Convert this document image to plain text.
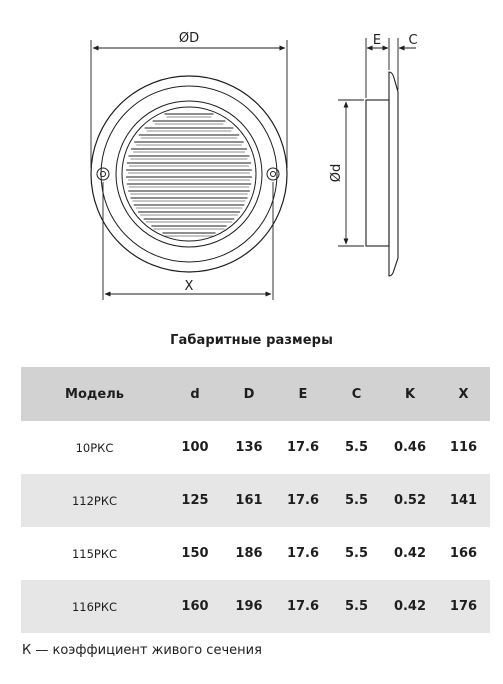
ØD
X
E C
Ød
Габаритные размеры
Модель	d	D	E	C	K	X
10РКС	100	136	17.6	5.5	0.46	116
112РКС	125	161	17.6	5.5	0.52	141
115РКС	150	186	17.6	5.5	0.42	166
116РКС	160	196	17.6	5.5	0.42	176
К — коэффициент живого сечения
